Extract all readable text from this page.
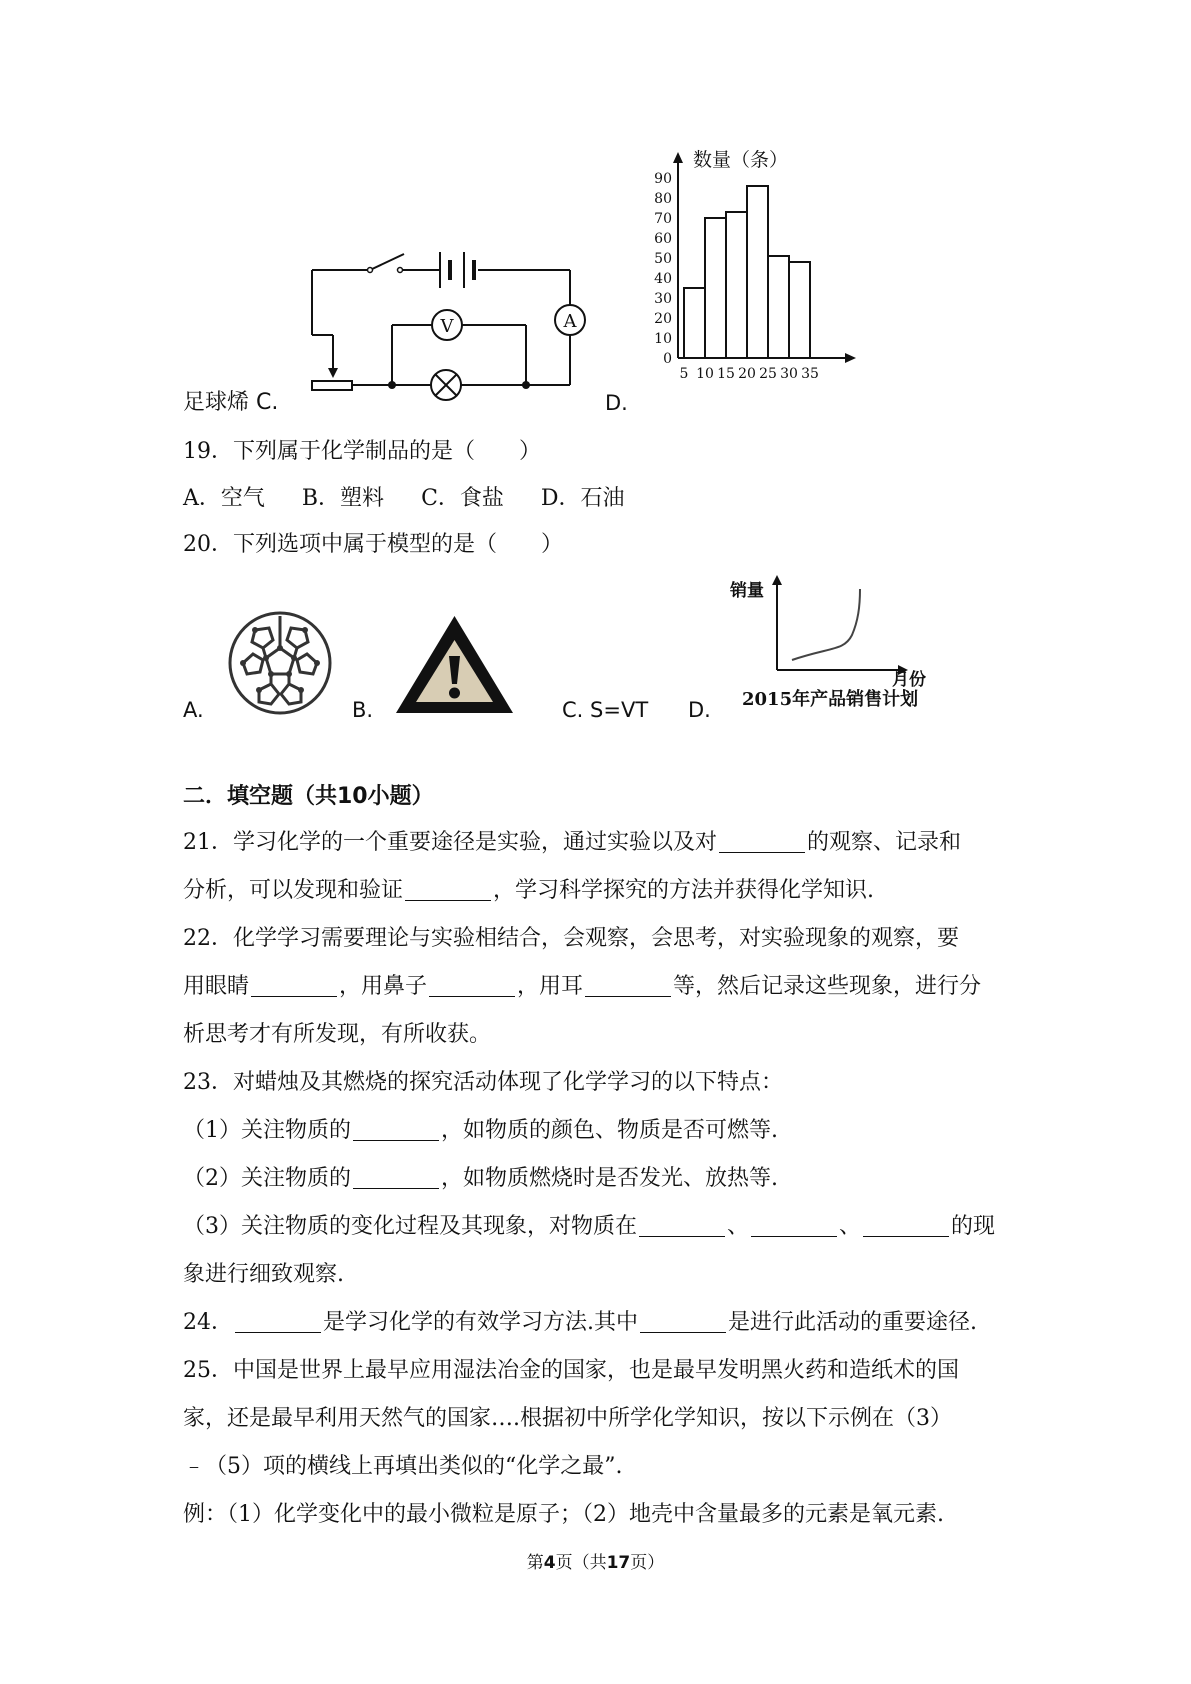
足球烯 C.
V	A
D.
数量（条）
0
10
20
30
40
50
60
70
80
90
5 10 15 20 25 30 35
19．下列属于化学制品的是（　　）
A．空气 B．塑料 C．食盐 D．石油
20．下列选项中属于模型的是（　　）
A.	B.	C. S=VT D.
销量
月份
2015年产品销售计划
二．填空题（共10小题）
21．学习化学的一个重要途径是实验，通过实验以及对	的观察、记录和
分析，可以发现和验证	，学习科学探究的方法并获得化学知识.
22．化学学习需要理论与实验相结合，会观察，会思考，对实验现象的观察，要
用眼睛	，用鼻子	，用耳	等，然后记录这些现象，进行分
析思考才有所发现，有所收获。
23．对蜡烛及其燃烧的探究活动体现了化学学习的以下特点：
（1）关注物质的	，如物质的颜色、物质是否可燃等.
（2）关注物质的	，如物质燃烧时是否发光、放热等.
（3）关注物质的变化过程及其现象，对物质在	、	、	的现
象进行细致观察.
24．	是学习化学的有效学习方法.其中	是进行此活动的重要途径.
25．中国是世界上最早应用湿法冶金的国家，也是最早发明黑火药和造纸术的国
家，还是最早利用天然气的国家….根据初中所学化学知识，按以下示例在（3）
﹣（5）项的横线上再填出类似的“化学之最”.
例：（1）化学变化中的最小微粒是原子；（2）地壳中含量最多的元素是氧元素.
第4页（共17页）
